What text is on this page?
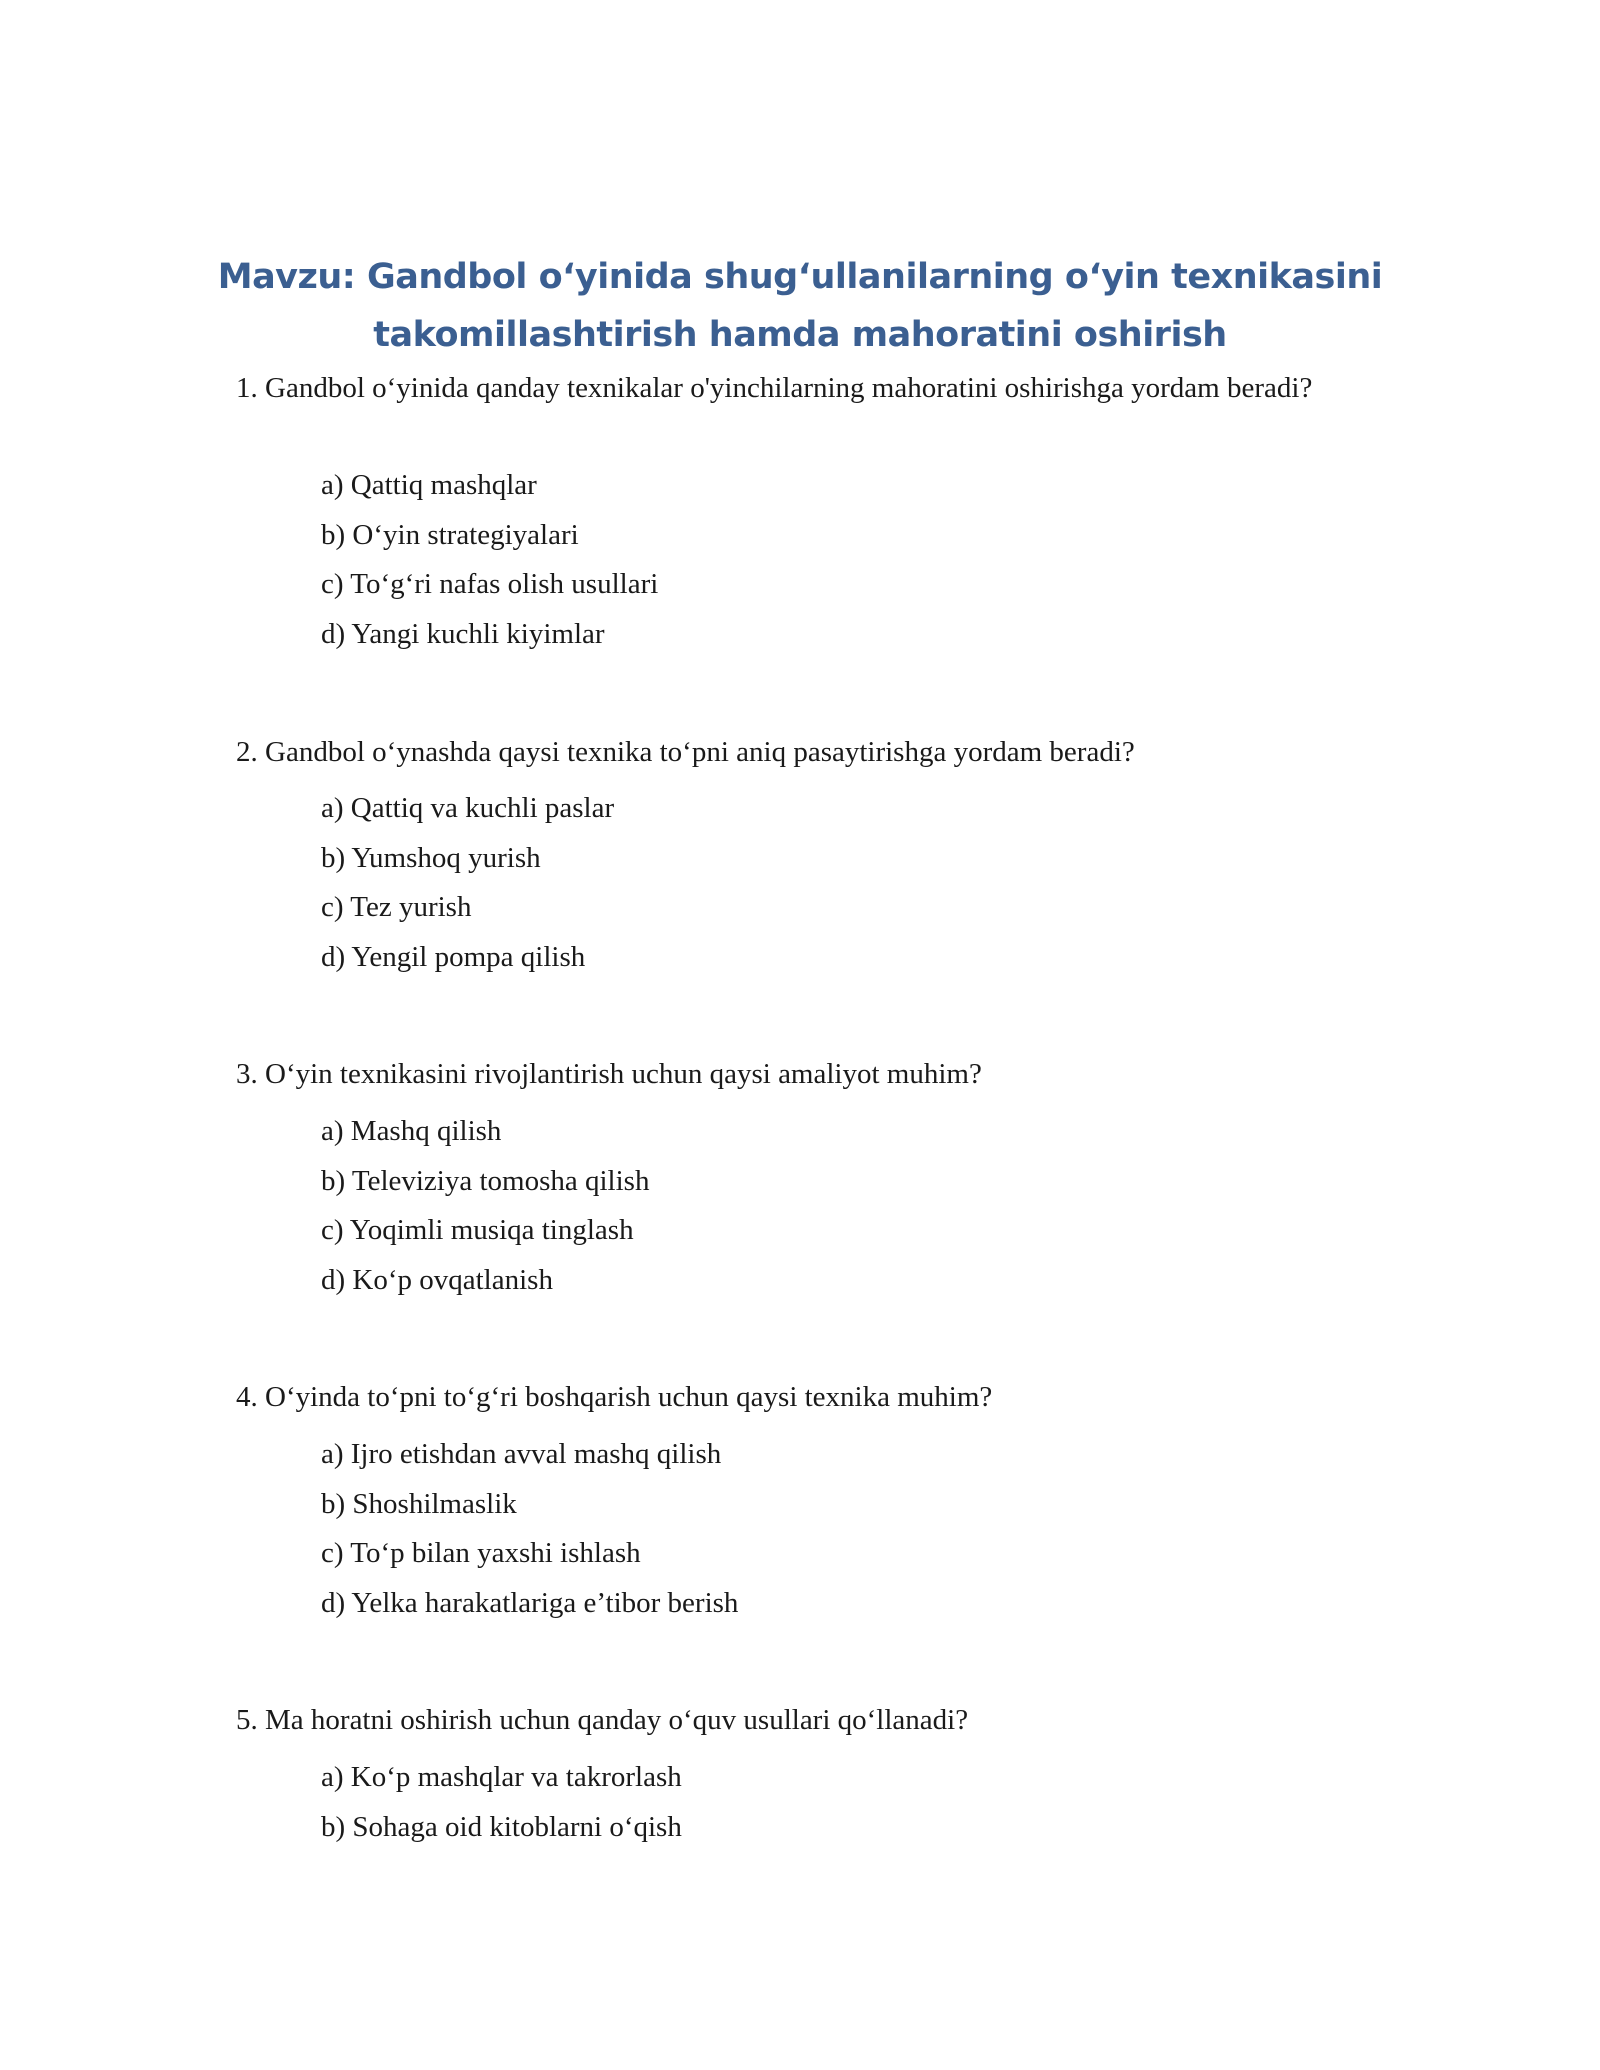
Mavzu: Gandbol o‘yinida shug‘ullanilarning o‘yin texnikasini
takomillashtirish hamda mahoratini oshirish
1. Gandbol o‘yinida qanday texnikalar o'yinchilarning mahoratini oshirishga yordam beradi?
a) Qattiq mashqlar
b) O‘yin strategiyalari
c) To‘g‘ri nafas olish usullari
d) Yangi kuchli kiyimlar
2. Gandbol o‘ynashda qaysi texnika to‘pni aniq pasaytirishga yordam beradi?
a) Qattiq va kuchli paslar
b) Yumshoq yurish
c) Tez yurish
d) Yengil pompa qilish
3. O‘yin texnikasini rivojlantirish uchun qaysi amaliyot muhim?
a) Mashq qilish
b) Televiziya tomosha qilish
c) Yoqimli musiqa tinglash
d) Ko‘p ovqatlanish
4. O‘yinda to‘pni to‘g‘ri boshqarish uchun qaysi texnika muhim?
a) Ijro etishdan avval mashq qilish
b) Shoshilmaslik
c) To‘p bilan yaxshi ishlash
d) Yelka harakatlariga e’tibor berish
5. Ma horatni oshirish uchun qanday o‘quv usullari qo‘llanadi?
a) Ko‘p mashqlar va takrorlash
b) Sohaga oid kitoblarni o‘qish
